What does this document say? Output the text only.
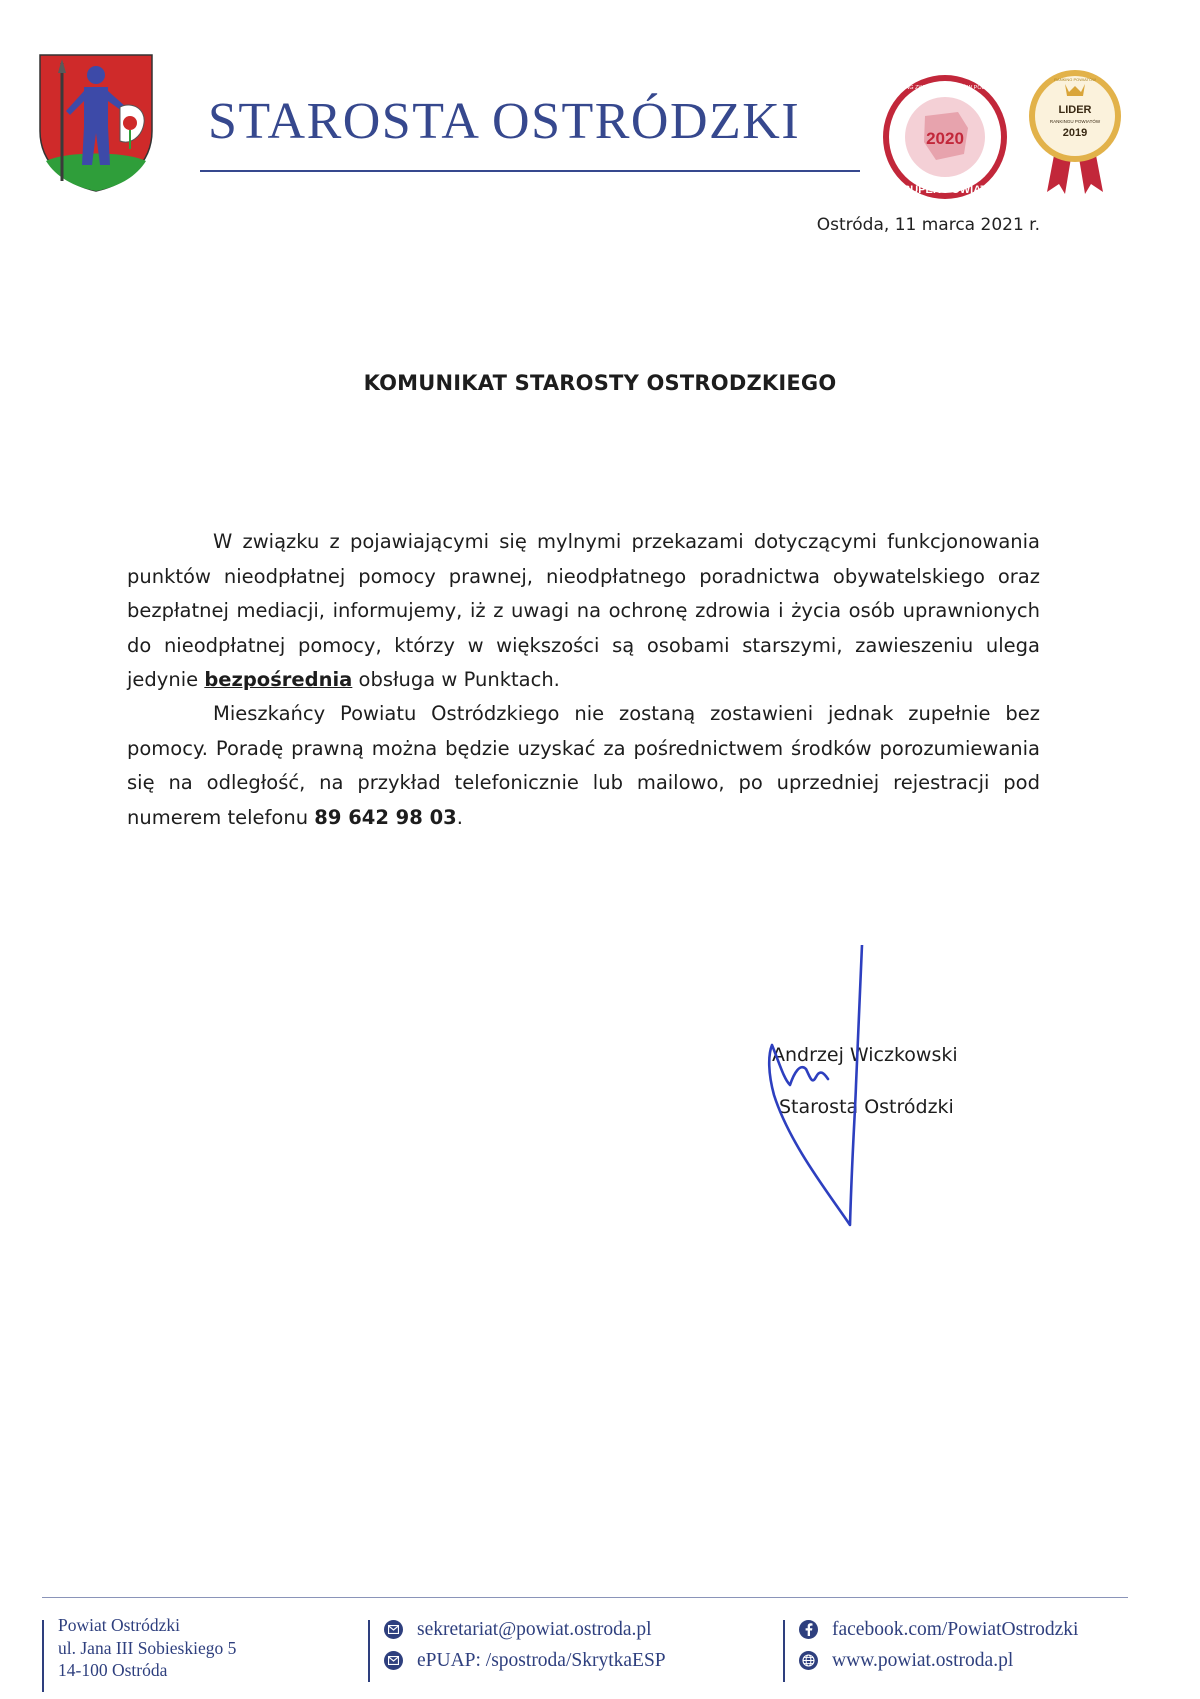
STAROSTA OSTRÓDZKI	2020
SUPER POWIAT
RANKING ZWIĄZKU POWIATÓW POLSKICH
LIDER
RANKINGU POWIATÓW
2019
RANKING POWIATÓW
Ostróda, 11 marca 2021 r.
KOMUNIKAT STAROSTY OSTRODZKIEGO
W związku z pojawiającymi się mylnymi przekazami dotyczącymi funkcjonowania punktów nieodpłatnej pomocy prawnej, nieodpłatnego poradnictwa obywatelskiego oraz bezpłatnej mediacji, informujemy, iż z uwagi na ochronę zdrowia i życia osób uprawnionych do nieodpłatnej pomocy, którzy w większości są osobami starszymi, zawieszeniu ulega jedynie bezpośrednia obsługa w Punktach.
Mieszkańcy Powiatu Ostródzkiego nie zostaną zostawieni jednak zupełnie bez pomocy. Poradę prawną można będzie uzyskać za pośrednictwem środków porozumiewania się na odległość, na przykład telefonicznie lub mailowo, po uprzedniej rejestracji pod numerem telefonu 89 642 98 03.
Andrzej Wiczkowski
Starosta Ostródzki
Powiat Ostródzki
ul. Jana III Sobieskiego 5
14-100 Ostróda
sekretariat@powiat.ostroda.pl
ePUAP: /spostroda/SkrytkaESP
facebook.com/PowiatOstrodzki
www.powiat.ostroda.pl
